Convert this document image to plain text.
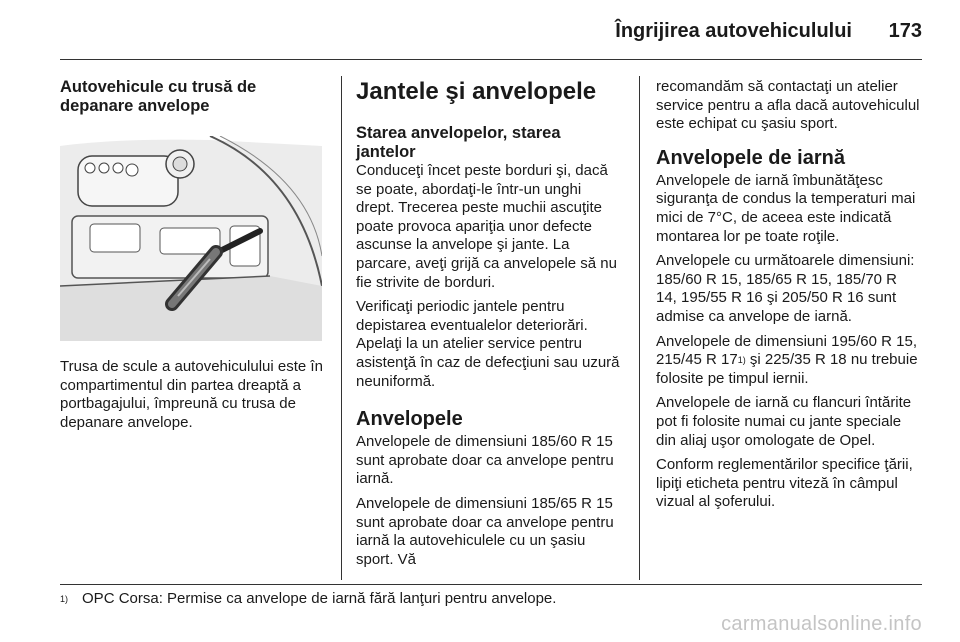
Îngrijirea autovehiculului 173
Autovehicule cu trusă de depanare anvelope

Trusa de scule a autovehiculului este în compartimentul din partea dreaptă a portbagajului, împreună cu trusa de depanare anvelope.

Jantele şi anvelopele
Starea anvelopelor, starea jantelor

Conduceţi încet peste borduri şi, dacă se poate, abordaţi-le într-un unghi drept. Trecerea peste muchii ascuţite poate provoca apariţia unor defecte ascunse la anvelope şi jante. La parcare, aveţi grijă ca anvelopele să nu fie strivite de borduri.

Verificaţi periodic jantele pentru depistarea eventualelor deteriorări. Apelaţi la un atelier service pentru asistenţă în caz de defecţiuni sau uzură neuniformă.

Anvelopele

Anvelopele de dimensiuni 185/60 R 15 sunt aprobate doar ca anvelope pentru iarnă.

Anvelopele de dimensiuni 185/65 R 15 sunt aprobate doar ca anvelope pentru iarnă la autovehiculele cu un şasiu sport. Vă

recomandăm să contactaţi un atelier service pentru a afla dacă autovehiculul este echipat cu şasiu sport.

Anvelopele de iarnă

Anvelopele de iarnă îmbunătăţesc siguranţa de condus la temperaturi mai mici de 7°C, de aceea este indicată montarea lor pe toate roţile.

Anvelopele cu următoarele dimensiuni: 185/60 R 15, 185/65 R 15, 185/70 R 14, 195/55 R 16 şi 205/50 R 16 sunt admise ca anvelope de iarnă.

Anvelopele de dimensiuni 195/60 R 15, 215/45 R 17$^{1)}$ şi 225/35 R 18 nu trebuie folosite pe timpul iernii.

Anvelopele de iarnă cu flancuri întărite pot fi folosite numai cu jante speciale din aliaj uşor omologate de Opel.

Conform reglementărilor specifice ţării, lipiţi eticheta pentru viteză în câmpul vizual al şoferului.

$^{1)}$ OPC Corsa: Permise ca anvelope de iarnă fără lanţuri pentru anvelope.
carmanualsonline.info
